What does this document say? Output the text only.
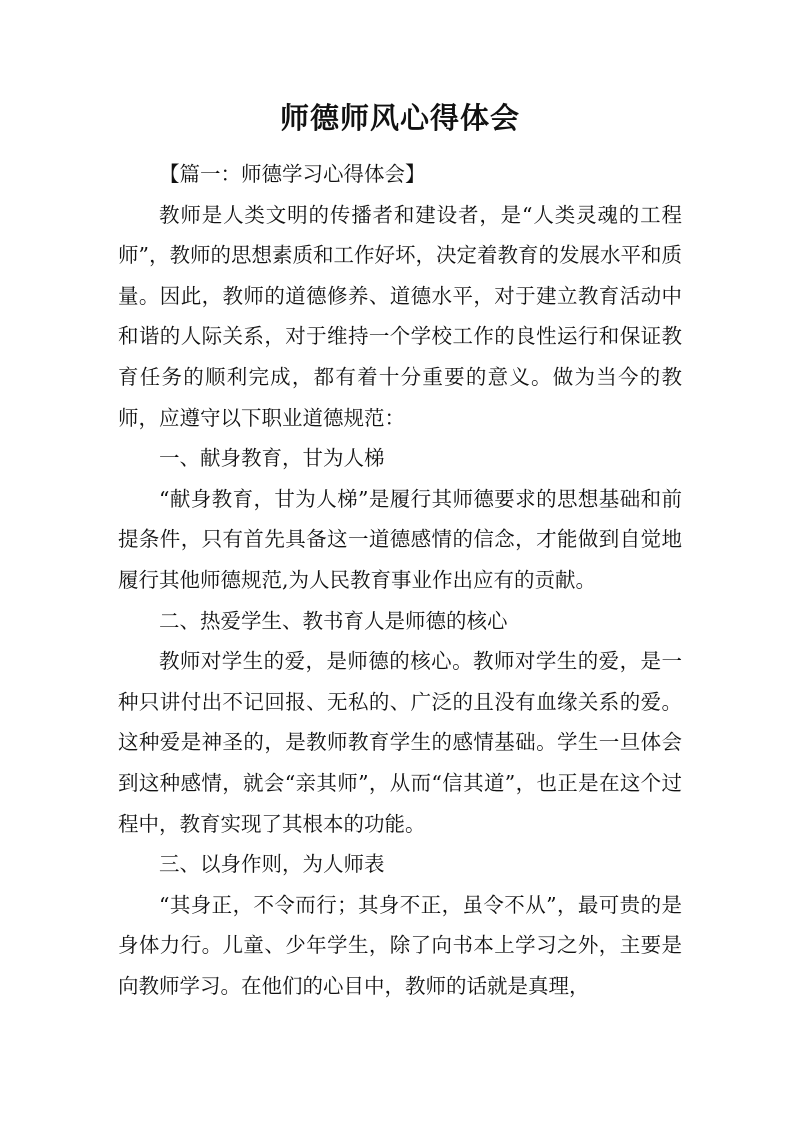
师德师风心得体会

【篇一：师德学习心得体会】

教师是人类文明的传播者和建设者，是“人类灵魂的工程师”，教师的思想素质和工作好坏，决定着教育的发展水平和质量。因此，教师的道德修养、道德水平，对于建立教育活动中和谐的人际关系，对于维持一个学校工作的良性运行和保证教育任务的顺利完成，都有着十分重要的意义。做为当今的教师，应遵守以下职业道德规范：

一、献身教育，甘为人梯

“献身教育，甘为人梯”是履行其师德要求的思想基础和前提条件，只有首先具备这一道德感情的信念，才能做到自觉地履行其他师德规范,为人民教育事业作出应有的贡献。

二、热爱学生、教书育人是师德的核心

教师对学生的爱，是师德的核心。教师对学生的爱，是一种只讲付出不记回报、无私的、广泛的且没有血缘关系的爱。这种爱是神圣的，是教师教育学生的感情基础。学生一旦体会到这种感情，就会“亲其师”，从而“信其道”，也正是在这个过程中，教育实现了其根本的功能。

三、以身作则，为人师表

“其身正，不令而行；其身不正，虽令不从”，最可贵的是身体力行。儿童、少年学生，除了向书本上学习之外，主要是向教师学习。在他们的心目中，教师的话就是真理，
